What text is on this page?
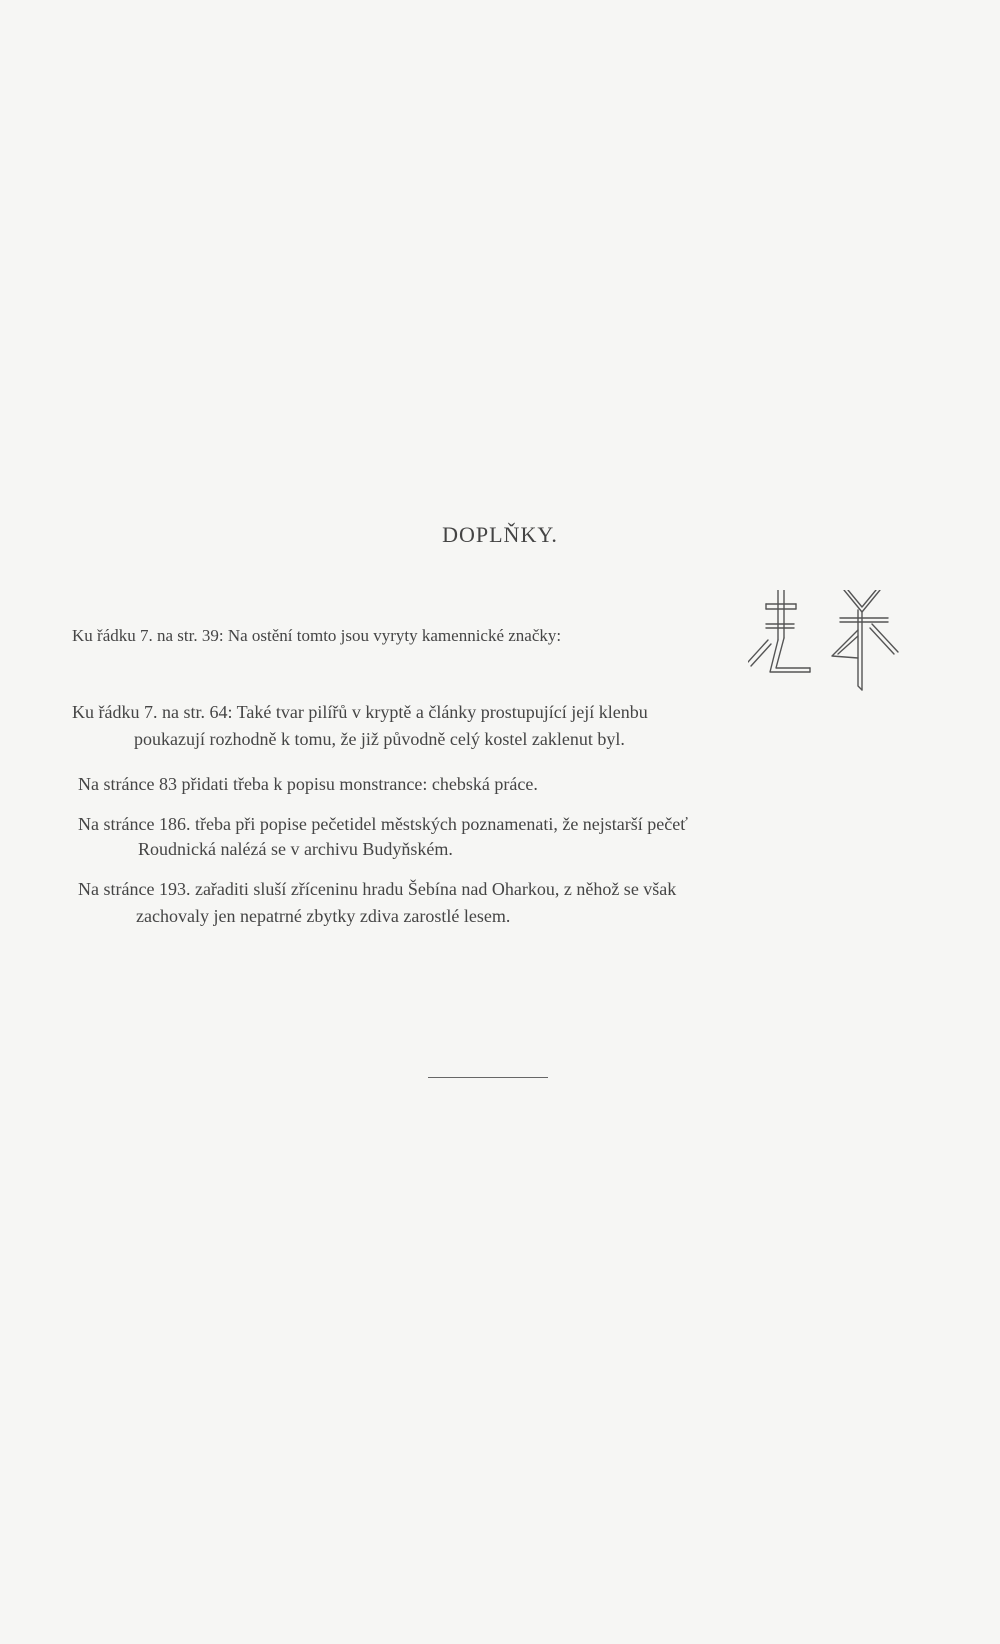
DOPLŇKY.
Ku řádku 7. na str. 39: Na ostění tomto jsou vyryty kamennické značky:
Ku řádku 7. na str. 64: Také tvar pilířů v kryptě a články prostupující její klenbu
poukazují rozhodně k tomu, že již původně celý kostel zaklenut byl.
Na stránce 83 přidati třeba k popisu monstrance: chebská práce.
Na stránce 186. třeba při popise pečetidel městských poznamenati, že nejstarší pečeť
Roudnická nalézá se v archivu Budyňském.
Na stránce 193. zařaditi sluší zříceninu hradu Šebína nad Oharkou, z něhož se však
zachovaly jen nepatrné zbytky zdiva zarostlé lesem.
